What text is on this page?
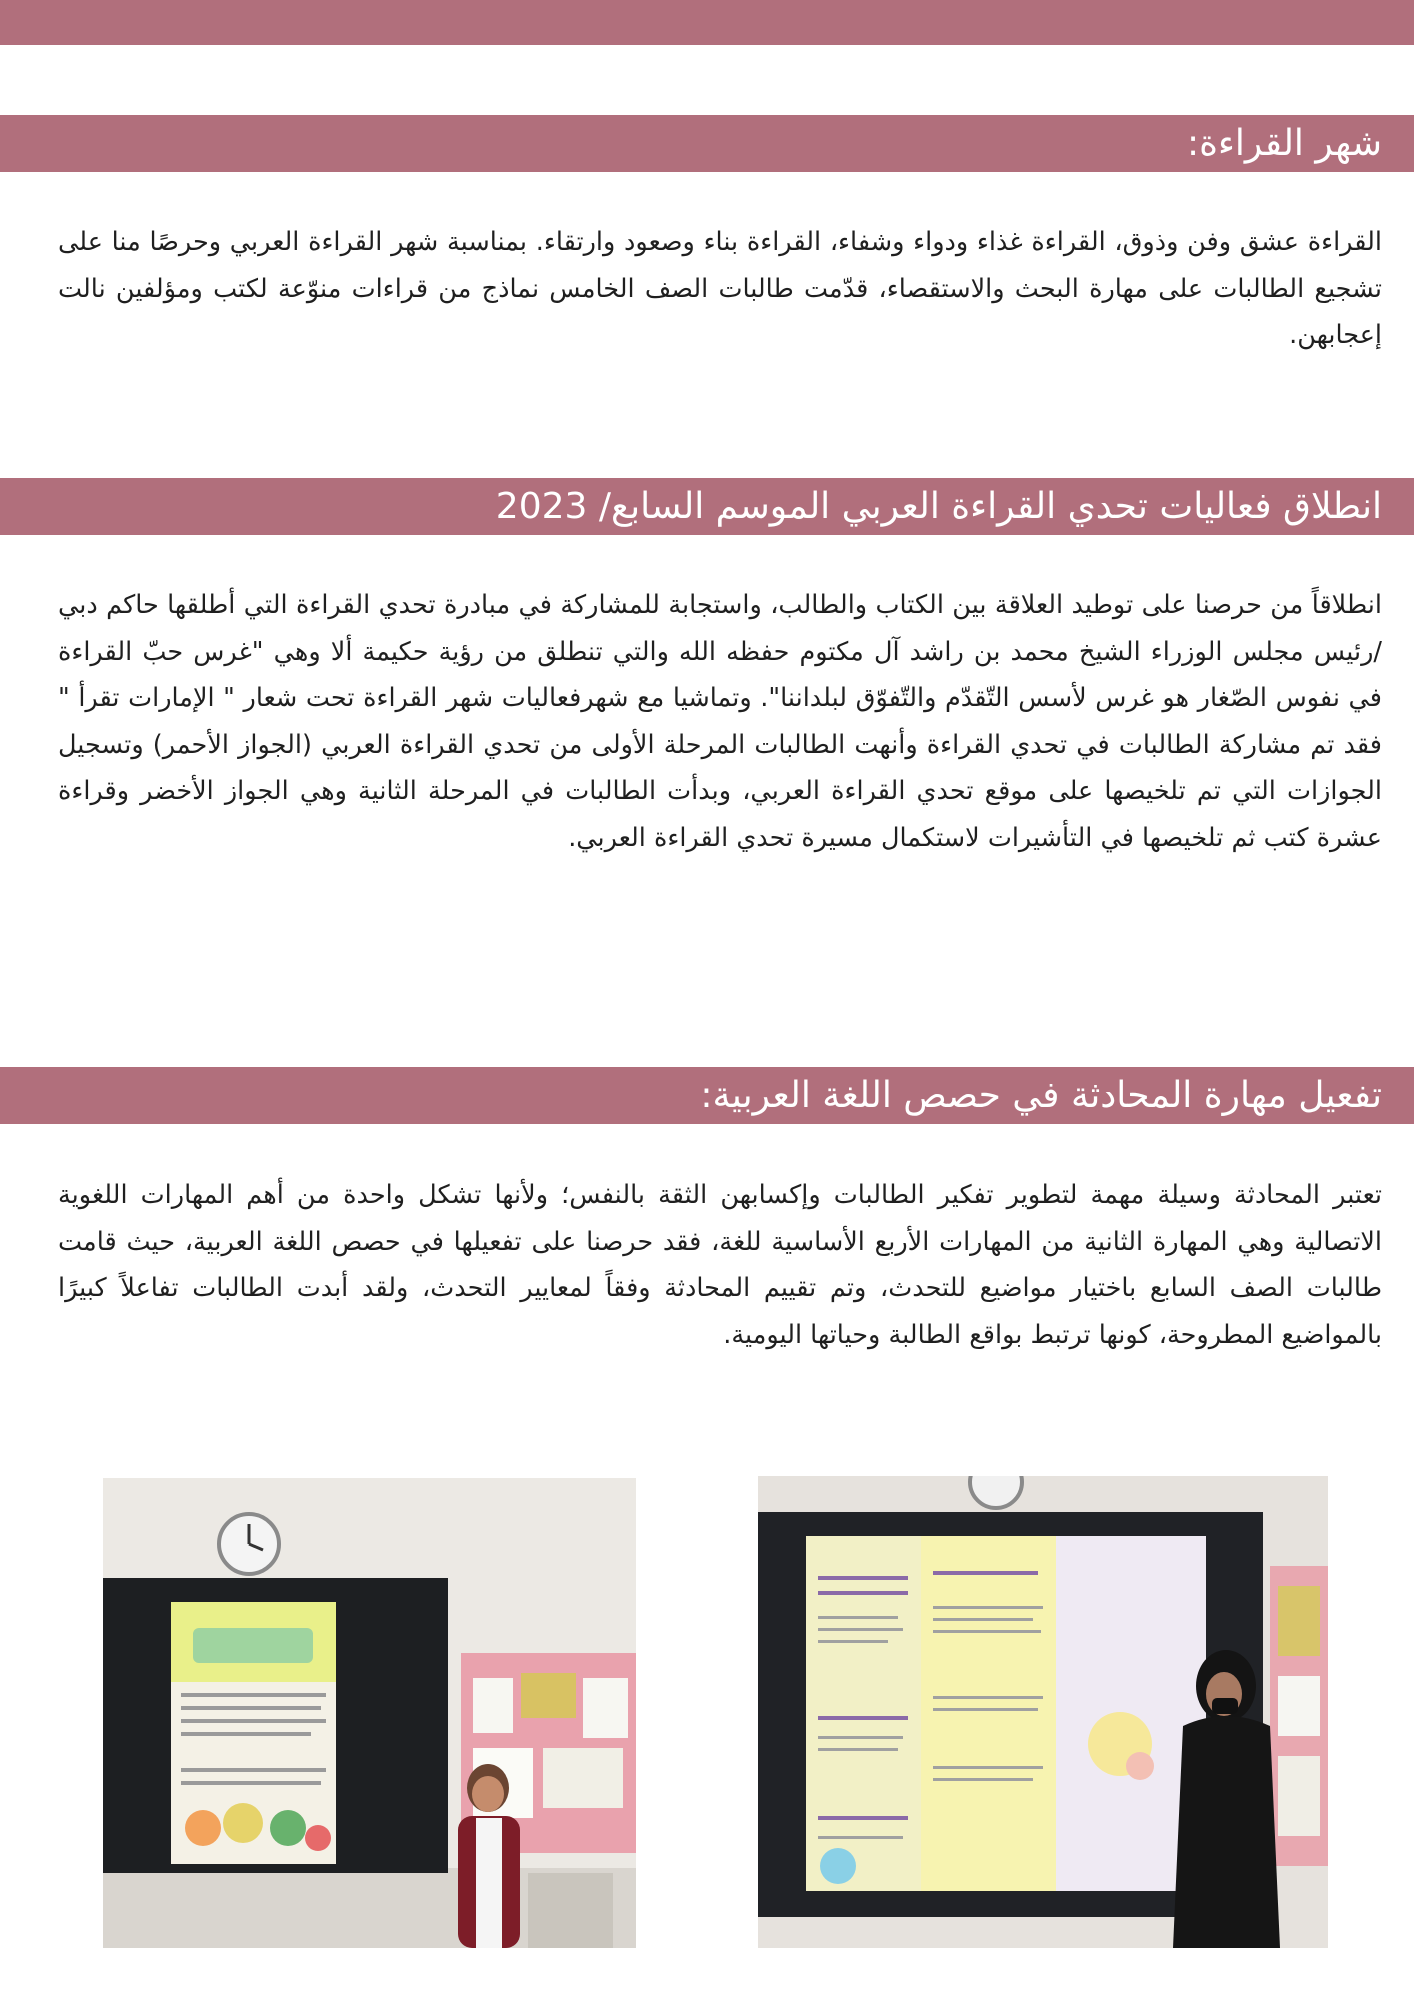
شهر القراءة:
القراءة عشق وفن وذوق، القراءة غذاء ودواء وشفاء، القراءة بناء وصعود وارتقاء. بمناسبة شهر القراءة العربي وحرصًا منا على تشجيع الطالبات على مهارة البحث والاستقصاء، قدّمت طالبات الصف الخامس نماذج من قراءات منوّعة لكتب ومؤلفين نالت إعجابهن.
انطلاق فعاليات تحدي القراءة العربي الموسم السابع/ 2023
انطلاقاً من حرصنا على توطيد العلاقة بين الكتاب والطالب، واستجابة للمشاركة في مبادرة تحدي القراءة التي أطلقها حاكم دبي /رئيس مجلس الوزراء الشيخ محمد بن راشد آل مكتوم حفظه الله والتي تنطلق من رؤية حكيمة ألا وهي "غرس حبّ القراءة في نفوس الصّغار هو غرس لأسس التّقدّم والتّفوّق لبلداننا". وتماشيا مع شهرفعاليات شهر القراءة تحت شعار " الإمارات تقرأ " فقد تم مشاركة الطالبات في تحدي القراءة وأنهت الطالبات المرحلة الأولى من تحدي القراءة العربي (الجواز الأحمر) وتسجيل الجوازات التي تم تلخيصها على موقع تحدي القراءة العربي، وبدأت الطالبات في المرحلة الثانية وهي الجواز الأخضر وقراءة عشرة كتب ثم تلخيصها في التأشيرات لاستكمال مسيرة تحدي القراءة العربي.
تفعيل مهارة المحادثة في حصص اللغة العربية:
تعتبر المحادثة وسيلة مهمة لتطوير تفكير الطالبات وإكسابهن الثقة بالنفس؛ ولأنها تشكل واحدة من أهم المهارات اللغوية الاتصالية وهي المهارة الثانية من المهارات الأربع الأساسية للغة، فقد حرصنا على تفعيلها في حصص اللغة العربية، حيث قامت طالبات الصف السابع باختيار مواضيع للتحدث، وتم تقييم المحادثة وفقاً لمعايير التحدث، ولقد أبدت الطالبات تفاعلاً كبيرًا بالمواضيع المطروحة، كونها ترتبط بواقع الطالبة وحياتها اليومية.
